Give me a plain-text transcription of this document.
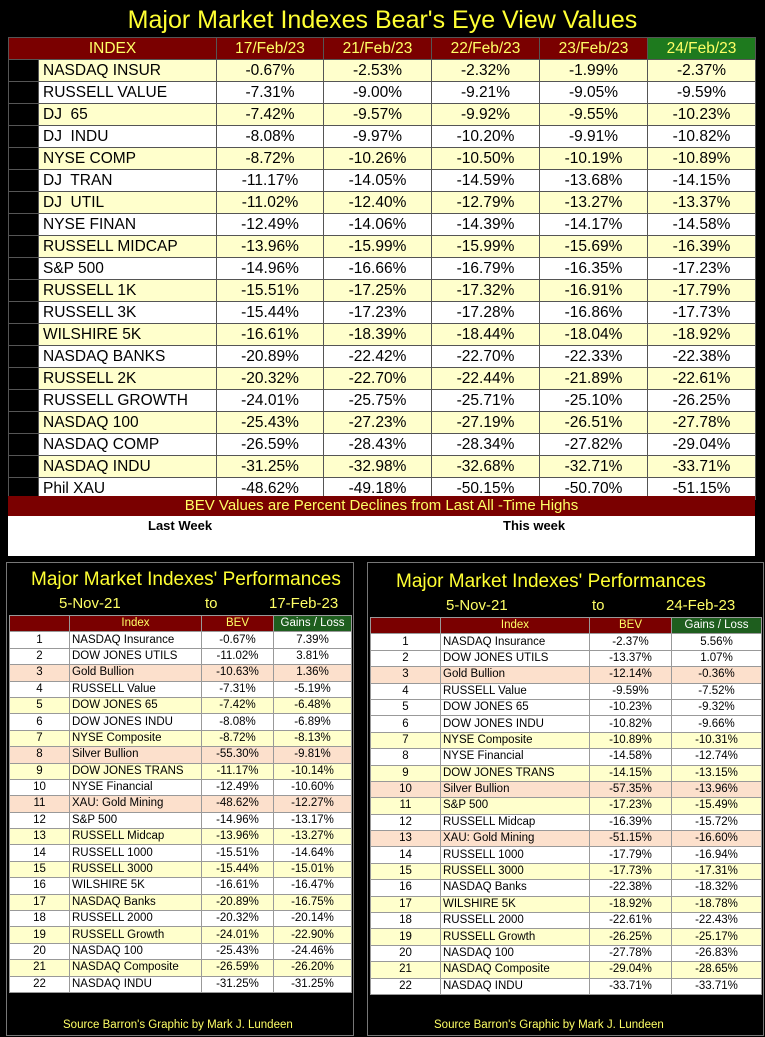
Major Market Indexes Bear's Eye View Values
INDEX		17/Feb/23	21/Feb/23	22/Feb/23	23/Feb/23	24/Feb/23
1	NASDAQ INSUR	-0.67%	-2.53%	-2.32%	-1.99%	-2.37%
2	RUSSELL VALUE	-7.31%	-9.00%	-9.21%	-9.05%	-9.59%
3	DJ  65	-7.42%	-9.57%	-9.92%	-9.55%	-10.23%
4	DJ  INDU	-8.08%	-9.97%	-10.20%	-9.91%	-10.82%
5	NYSE COMP	-8.72%	-10.26%	-10.50%	-10.19%	-10.89%
6	DJ  TRAN	-11.17%	-14.05%	-14.59%	-13.68%	-14.15%
7	DJ  UTIL	-11.02%	-12.40%	-12.79%	-13.27%	-13.37%
8	NYSE FINAN	-12.49%	-14.06%	-14.39%	-14.17%	-14.58%
9	RUSSELL MIDCAP	-13.96%	-15.99%	-15.99%	-15.69%	-16.39%
10	S&P 500	-14.96%	-16.66%	-16.79%	-16.35%	-17.23%
11	RUSSELL 1K	-15.51%	-17.25%	-17.32%	-16.91%	-17.79%
12	RUSSELL 3K	-15.44%	-17.23%	-17.28%	-16.86%	-17.73%
13	WILSHIRE 5K	-16.61%	-18.39%	-18.44%	-18.04%	-18.92%
14	NASDAQ BANKS	-20.89%	-22.42%	-22.70%	-22.33%	-22.38%
15	RUSSELL 2K	-20.32%	-22.70%	-22.44%	-21.89%	-22.61%
16	RUSSELL GROWTH	-24.01%	-25.75%	-25.71%	-25.10%	-26.25%
17	NASDAQ 100	-25.43%	-27.23%	-27.19%	-26.51%	-27.78%
18	NASDAQ COMP	-26.59%	-28.43%	-28.34%	-27.82%	-29.04%
19	NASDAQ INDU	-31.25%	-32.98%	-32.68%	-32.71%	-33.71%
20	Phil XAU	-48.62%	-49.18%	-50.15%	-50.70%	-51.15%
BEV Values are Percent Declines from Last All -Time Highs
Last Week	This week
Major Market Indexes' Performances
5-Nov-21	to	17-Feb-23
	Index	BEV	Gains / Loss
1	NASDAQ Insurance	-0.67%	7.39%
2	DOW JONES UTILS	-11.02%	3.81%
3	Gold Bullion	-10.63%	1.36%
4	RUSSELL Value	-7.31%	-5.19%
5	DOW JONES 65	-7.42%	-6.48%
6	DOW JONES INDU	-8.08%	-6.89%
7	NYSE Composite	-8.72%	-8.13%
8	Silver Bullion	-55.30%	-9.81%
9	DOW JONES TRANS	-11.17%	-10.14%
10	NYSE Financial	-12.49%	-10.60%
11	XAU: Gold Mining	-48.62%	-12.27%
12	S&P 500	-14.96%	-13.17%
13	RUSSELL Midcap	-13.96%	-13.27%
14	RUSSELL 1000	-15.51%	-14.64%
15	RUSSELL 3000	-15.44%	-15.01%
16	WILSHIRE 5K	-16.61%	-16.47%
17	NASDAQ Banks	-20.89%	-16.75%
18	RUSSELL 2000	-20.32%	-20.14%
19	RUSSELL Growth	-24.01%	-22.90%
20	NASDAQ 100	-25.43%	-24.46%
21	NASDAQ Composite	-26.59%	-26.20%
22	NASDAQ INDU	-31.25%	-31.25%
Source Barron's Graphic by Mark J. Lundeen
Major Market Indexes' Performances
5-Nov-21	to	24-Feb-23
	Index	BEV	Gains / Loss
1	NASDAQ Insurance	-2.37%	5.56%
2	DOW JONES UTILS	-13.37%	1.07%
3	Gold Bullion	-12.14%	-0.36%
4	RUSSELL Value	-9.59%	-7.52%
5	DOW JONES 65	-10.23%	-9.32%
6	DOW JONES INDU	-10.82%	-9.66%
7	NYSE Composite	-10.89%	-10.31%
8	NYSE Financial	-14.58%	-12.74%
9	DOW JONES TRANS	-14.15%	-13.15%
10	Silver Bullion	-57.35%	-13.96%
11	S&P 500	-17.23%	-15.49%
12	RUSSELL Midcap	-16.39%	-15.72%
13	XAU: Gold Mining	-51.15%	-16.60%
14	RUSSELL 1000	-17.79%	-16.94%
15	RUSSELL 3000	-17.73%	-17.31%
16	NASDAQ Banks	-22.38%	-18.32%
17	WILSHIRE 5K	-18.92%	-18.78%
18	RUSSELL 2000	-22.61%	-22.43%
19	RUSSELL Growth	-26.25%	-25.17%
20	NASDAQ 100	-27.78%	-26.83%
21	NASDAQ Composite	-29.04%	-28.65%
22	NASDAQ INDU	-33.71%	-33.71%
Source Barron's Graphic by Mark J. Lundeen
